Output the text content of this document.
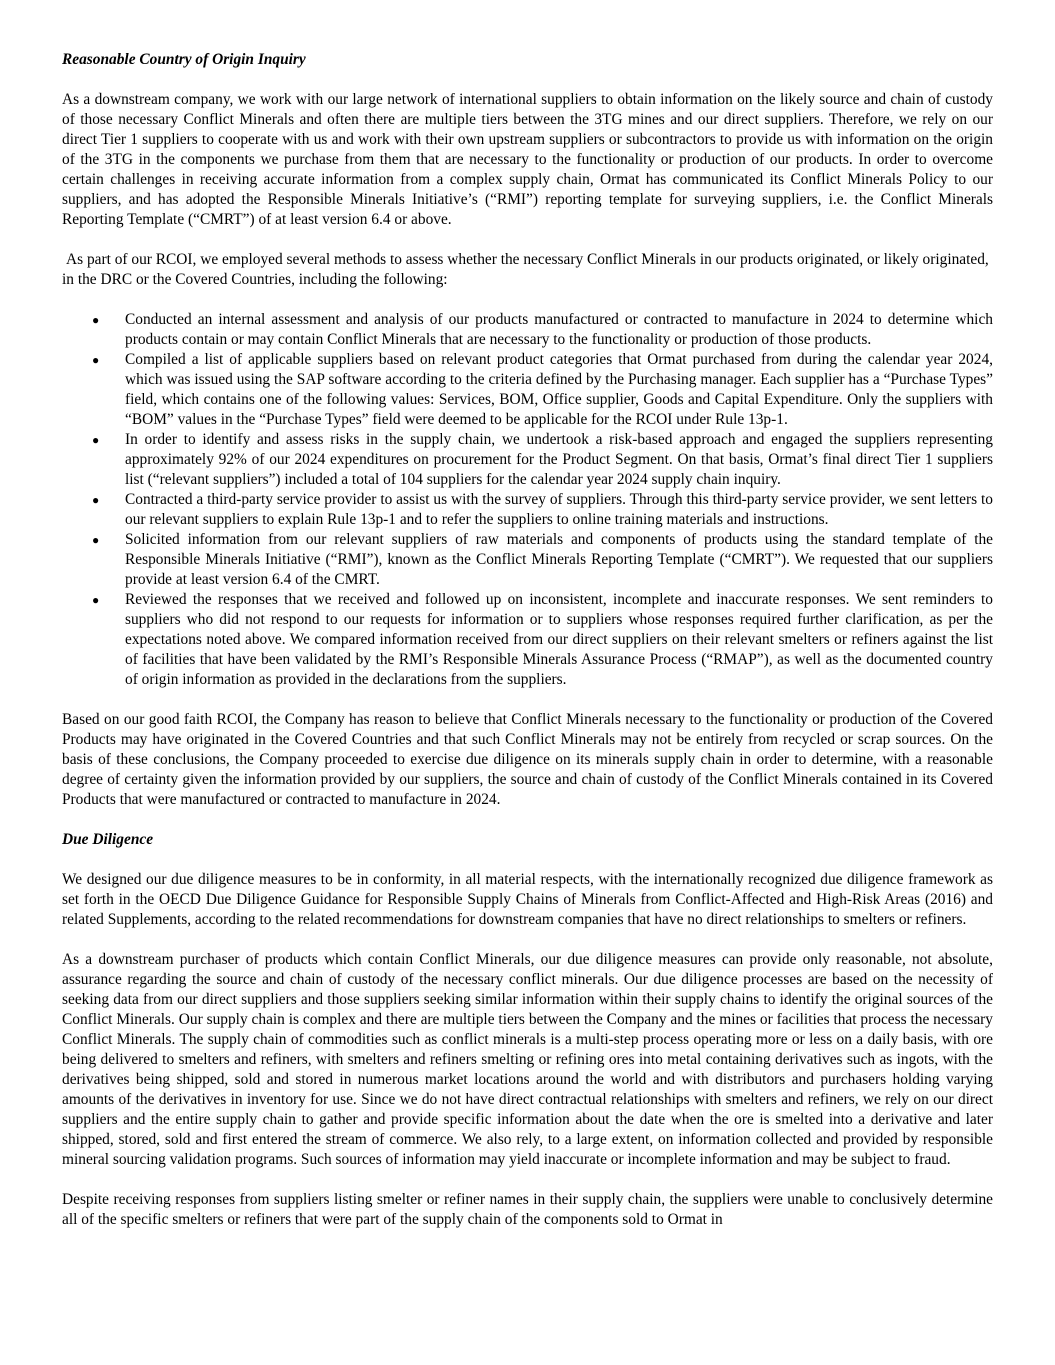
Reasonable Country of Origin Inquiry

As a downstream company, we work with our large network of international suppliers to obtain information on the likely source and chain of custody of those necessary Conflict Minerals and often there are multiple tiers between the 3TG mines and our direct suppliers. Therefore, we rely on our direct Tier 1 suppliers to cooperate with us and work with their own upstream suppliers or subcontractors to provide us with information on the origin of the 3TG in the components we purchase from them that are necessary to the functionality or production of our products. In order to overcome certain challenges in receiving accurate information from a complex supply chain, Ormat has communicated its Conflict Minerals Policy to our suppliers, and has adopted the Responsible Minerals Initiative’s (“RMI”) reporting template for surveying suppliers, i.e. the Conflict Minerals Reporting Template (“CMRT”) of at least version 6.4 or above.

As part of our RCOI, we employed several methods to assess whether the necessary Conflict Minerals in our products originated, or likely originated, in the DRC or the Covered Countries, including the following:

● Conducted an internal assessment and analysis of our products manufactured or contracted to manufacture in 2024 to determine which products contain or may contain Conflict Minerals that are necessary to the functionality or production of those products.
● Compiled a list of applicable suppliers based on relevant product categories that Ormat purchased from during the calendar year 2024, which was issued using the SAP software according to the criteria defined by the Purchasing manager. Each supplier has a “Purchase Types” field, which contains one of the following values: Services, BOM, Office supplier, Goods and Capital Expenditure. Only the suppliers with “BOM” values in the “Purchase Types” field were deemed to be applicable for the RCOI under Rule 13p-1.
● In order to identify and assess risks in the supply chain, we undertook a risk-based approach and engaged the suppliers representing approximately 92% of our 2024 expenditures on procurement for the Product Segment. On that basis, Ormat’s final direct Tier 1 suppliers list (“relevant suppliers”) included a total of 104 suppliers for the calendar year 2024 supply chain inquiry.
● Contracted a third-party service provider to assist us with the survey of suppliers. Through this third-party service provider, we sent letters to our relevant suppliers to explain Rule 13p-1 and to refer the suppliers to online training materials and instructions.
● Solicited information from our relevant suppliers of raw materials and components of products using the standard template of the Responsible Minerals Initiative (“RMI”), known as the Conflict Minerals Reporting Template (“CMRT”). We requested that our suppliers provide at least version 6.4 of the CMRT.
● Reviewed the responses that we received and followed up on inconsistent, incomplete and inaccurate responses. We sent reminders to suppliers who did not respond to our requests for information or to suppliers whose responses required further clarification, as per the expectations noted above. We compared information received from our direct suppliers on their relevant smelters or refiners against the list of facilities that have been validated by the RMI’s Responsible Minerals Assurance Process (“RMAP”), as well as the documented country of origin information as provided in the declarations from the suppliers.

Based on our good faith RCOI, the Company has reason to believe that Conflict Minerals necessary to the functionality or production of the Covered Products may have originated in the Covered Countries and that such Conflict Minerals may not be entirely from recycled or scrap sources. On the basis of these conclusions, the Company proceeded to exercise due diligence on its minerals supply chain in order to determine, with a reasonable degree of certainty given the information provided by our suppliers, the source and chain of custody of the Conflict Minerals contained in its Covered Products that were manufactured or contracted to manufacture in 2024.

Due Diligence

We designed our due diligence measures to be in conformity, in all material respects, with the internationally recognized due diligence framework as set forth in the OECD Due Diligence Guidance for Responsible Supply Chains of Minerals from Conflict-Affected and High-Risk Areas (2016) and related Supplements, according to the related recommendations for downstream companies that have no direct relationships to smelters or refiners.

As a downstream purchaser of products which contain Conflict Minerals, our due diligence measures can provide only reasonable, not absolute, assurance regarding the source and chain of custody of the necessary conflict minerals. Our due diligence processes are based on the necessity of seeking data from our direct suppliers and those suppliers seeking similar information within their supply chains to identify the original sources of the Conflict Minerals. Our supply chain is complex and there are multiple tiers between the Company and the mines or facilities that process the necessary Conflict Minerals. The supply chain of commodities such as conflict minerals is a multi-step process operating more or less on a daily basis, with ore being delivered to smelters and refiners, with smelters and refiners smelting or refining ores into metal containing derivatives such as ingots, with the derivatives being shipped, sold and stored in numerous market locations around the world and with distributors and purchasers holding varying amounts of the derivatives in inventory for use. Since we do not have direct contractual relationships with smelters and refiners, we rely on our direct suppliers and the entire supply chain to gather and provide specific information about the date when the ore is smelted into a derivative and later shipped, stored, sold and first entered the stream of commerce. We also rely, to a large extent, on information collected and provided by responsible mineral sourcing validation programs. Such sources of information may yield inaccurate or incomplete information and may be subject to fraud.

Despite receiving responses from suppliers listing smelter or refiner names in their supply chain, the suppliers were unable to conclusively determine all of the specific smelters or refiners that were part of the supply chain of the components sold to Ormat in
